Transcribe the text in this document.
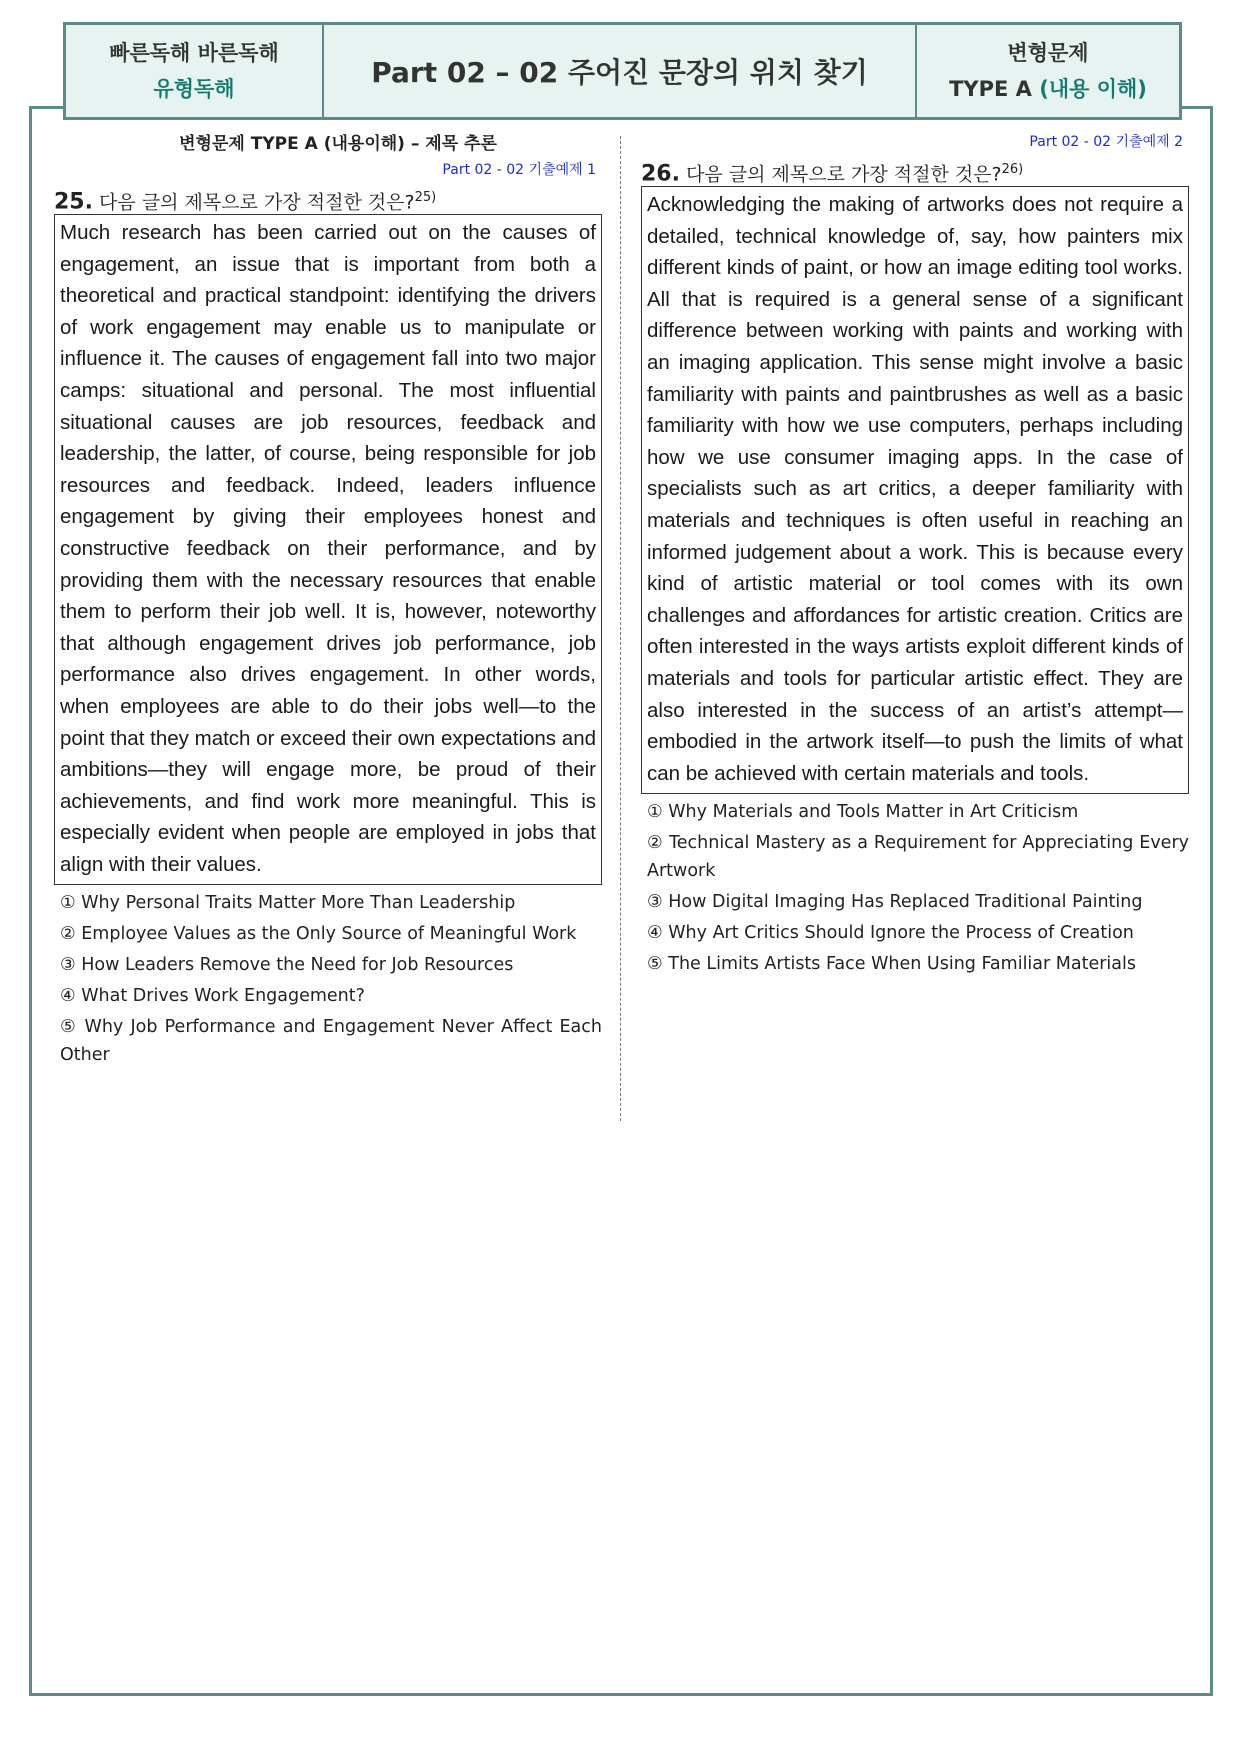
빠른독해 바른독해
유형독해	Part 02 – 02 주어진 문장의 위치 찾기
변형문제
TYPE A (내용 이해)
변형문제 TYPE A (내용이해) – 제목 추론
Part 02 - 02 기출예제 1
25. 다음 글의 제목으로 가장 적절한 것은?$^{25)}$
Much research has been carried out on the causes of engagement, an issue that is important from both a theoretical and practical standpoint: identifying the drivers of work engagement may enable us to manipulate or influence it. The causes of engagement fall into two major camps: situational and personal. The most influential situational causes are job resources, feedback and leadership, the latter, of course, being responsible for job resources and feedback. Indeed, leaders influence engagement by giving their employees honest and constructive feedback on their performance, and by providing them with the necessary resources that enable them to perform their job well. It is, however, noteworthy that although engagement drives job performance, job performance also drives engagement. In other words, when employees are able to do their jobs well—to the point that they match or exceed their own expectations and ambitions—they will engage more, be proud of their achievements, and find work more meaningful. This is especially evident when people are employed in jobs that align with their values.
① Why Personal Traits Matter More Than Leadership
② Employee Values as the Only Source of Meaningful Work
③ How Leaders Remove the Need for Job Resources
④ What Drives Work Engagement?
⑤ Why Job Performance and Engagement Never Affect Each Other
Part 02 - 02 기출예제 2
26. 다음 글의 제목으로 가장 적절한 것은?$^{26)}$
Acknowledging the making of artworks does not require a detailed, technical knowledge of, say, how painters mix different kinds of paint, or how an image editing tool works. All that is required is a general sense of a significant difference between working with paints and working with an imaging application. This sense might involve a basic familiarity with paints and paintbrushes as well as a basic familiarity with how we use computers, perhaps including how we use consumer imaging apps. In the case of specialists such as art critics, a deeper familiarity with materials and techniques is often useful in reaching an informed judgement about a work. This is because every kind of artistic material or tool comes with its own challenges and affordances for artistic creation. Critics are often interested in the ways artists exploit different kinds of materials and tools for particular artistic effect. They are also interested in the success of an artist’s attempt—embodied in the artwork itself—to push the limits of what can be achieved with certain materials and tools.
① Why Materials and Tools Matter in Art Criticism
② Technical Mastery as a Requirement for Appreciating Every Artwork
③ How Digital Imaging Has Replaced Traditional Painting
④ Why Art Critics Should Ignore the Process of Creation
⑤ The Limits Artists Face When Using Familiar Materials
